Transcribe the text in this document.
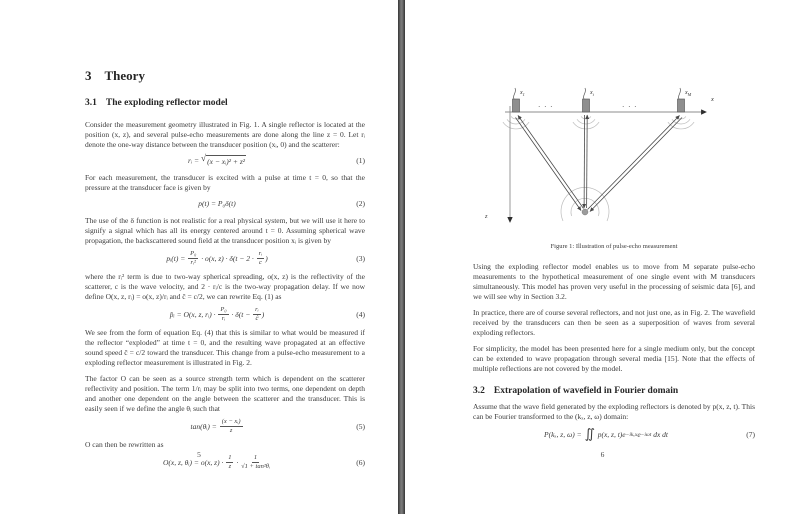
3 Theory
3.1 The exploding reflector model

Consider the measurement geometry illustrated in Fig. 1. A single reflector is located at the position (x, z), and several pulse-echo measurements are done along the line z = 0. Let rᵢ denote the one-way distance between the transducer position (xᵢ, 0) and the scatterer:

rᵢ = √ (x − xᵢ)² + z²	(1)

For each measurement, the transducer is excited with a pulse at time t = 0, so that the pressure at the transducer face is given by

p(t) = P₀δ(t)	(2)

The use of the δ function is not realistic for a real physical system, but we will use it here to signify a signal which has all its energy centered around t = 0. Assuming spherical wave propagation, the backscattered sound field at the transducer position xᵢ is given by

pᵢ(t) = $\frac{\text{P₀}}{\text{rᵢ²}} \cdot o(x$, $z) \cdot \delta(t - 2 \cdot \frac{\text{rᵢ}}{c}$ )	(3)

where the rᵢ² term is due to two-way spherical spreading, o(x, z) is the reflectivity of the scatterer, c is the wave velocity, and 2 · rᵢ/c is the two-way propagation delay. If we now define O(x, z, rᵢ) = o(x, z)/rᵢ and ĉ = c/2, we can rewrite Eq. (1) as

p̂ᵢ = O(x, z, rᵢ) · $\frac{\text{P₀}}{\text{rᵢ}} \cdot \delta(t - \frac{\text{rᵢ}}{ĉ}$ )	(4)

We see from the form of equation Eq. (4) that this is similar to what would be measured if the reflector “exploded” at time t = 0, and the resulting wave propagated at an effective sound speed ĉ = c/2 toward the transducer. This change from a pulse-echo measurement to a exploding reflector measurement is illustrated in Fig. 2.

The factor O can be seen as a source strength term which is dependent on the scatterer reflectivity and position. The term 1/rᵢ may be split into two terms, one dependent on depth and another one dependent on the angle between the scatterer and the transducer. This is easily seen if we define the angle θᵢ such that

tan(θᵢ) = $\frac{\text{(x − xᵢ)}}{z}$	(5)

O can then be rewritten as

O(x, z, θᵢ) = o(x, $z) \cdot \frac{1}{z} \cdot \frac{1}{\text{√1 + tan²θᵢ}}$	(6)
5
x
z
$x_1$	$x_i$	$x_M$
· · ·	· · ·
Figure 1: Illustration of pulse-echo measurement

Using the exploding reflector model enables us to move from M separate pulse-echo measurements to the hypothetical measurement of one single event with M transducers simultaneously. This model has proven very useful in the processing of seismic data [6], and we will see why in Section 3.2.

In practice, there are of course several reflectors, and not just one, as in Fig. 2. The wavefield received by the transducers can then be seen as a superposition of waves from several exploding reflectors.

For simplicity, the model has been presented here for a single medium only, but the concept can be extended to wave propagation through several media [15]. Note that the effects of multiple reflections are not covered by the model.

3.2 Extrapolation of wavefield in Fourier domain

Assume that the wave field generated by the exploding reflectors is denoted by p(x, z, t). This can be Fourier transformed to the (kₓ, z, ω) domain:

P(kₓ, z, ω) = ∬ p(x, z, t)e −ikₓx e −iωt dx dt	(7)
6
